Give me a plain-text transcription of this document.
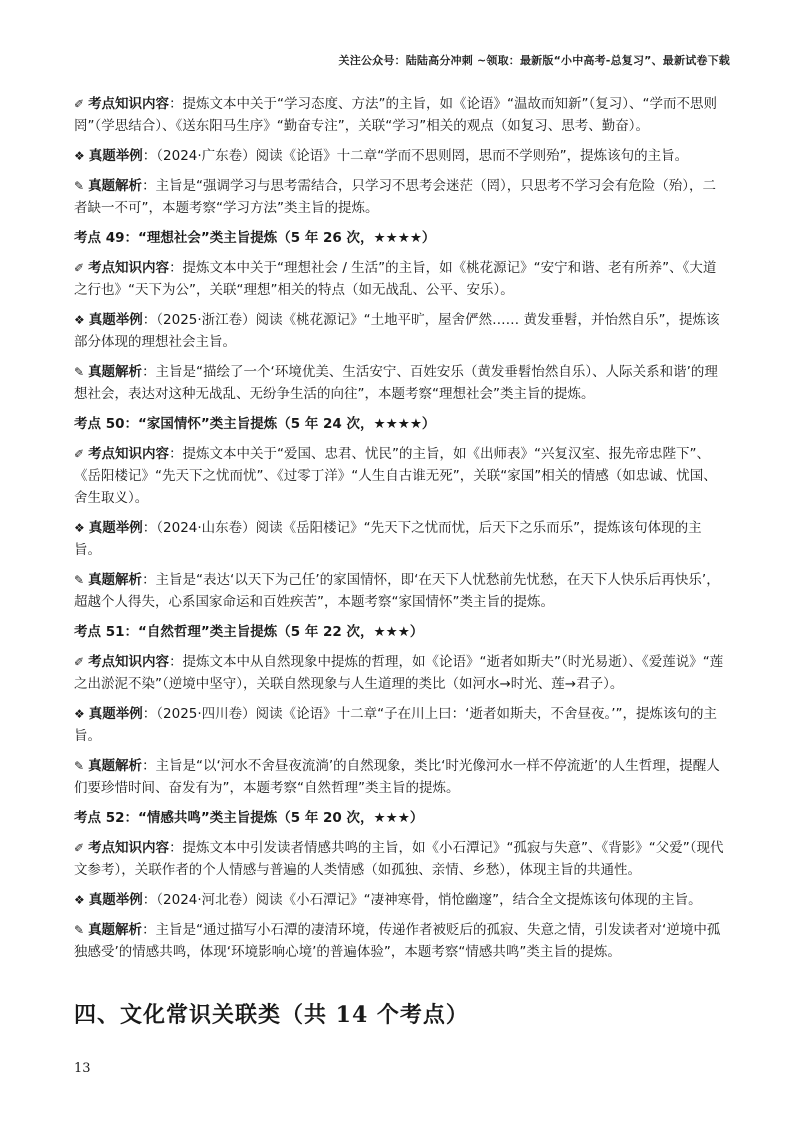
关注公众号：陆陆高分冲刺 ~领取：最新版“小中高考-总复习”、最新试卷下载

✐ 考点知识内容：提炼文本中关于“学习态度、方法”的主旨，如《论语》“温故而知新”（复习）、“学而不思则罔”（学思结合）、《送东阳马生序》“勤奋专注”，关联“学习”相关的观点（如复习、思考、勤奋）。

❖ 真题举例：（2024·广东卷）阅读《论语》十二章“学而不思则罔，思而不学则殆”，提炼该句的主旨。

✎ 真题解析：主旨是“强调学习与思考需结合，只学习不思考会迷茫（罔），只思考不学习会有危险（殆），二者缺一不可”，本题考察“学习方法”类主旨的提炼。

考点 49：“理想社会”类主旨提炼（5 年 26 次，★★★★）

✐ 考点知识内容：提炼文本中关于“理想社会 / 生活”的主旨，如《桃花源记》“安宁和谐、老有所养”、《大道之行也》“天下为公”，关联“理想”相关的特点（如无战乱、公平、安乐）。

❖ 真题举例：（2025·浙江卷）阅读《桃花源记》“土地平旷，屋舍俨然…… 黄发垂髫，并怡然自乐”，提炼该部分体现的理想社会主旨。

✎ 真题解析：主旨是“描绘了一个‘环境优美、生活安宁、百姓安乐（黄发垂髫怡然自乐）、人际关系和谐’的理想社会，表达对这种无战乱、无纷争生活的向往”，本题考察“理想社会”类主旨的提炼。

考点 50：“家国情怀”类主旨提炼（5 年 24 次，★★★★）

✐ 考点知识内容：提炼文本中关于“爱国、忠君、忧民”的主旨，如《出师表》“兴复汉室、报先帝忠陛下”、《岳阳楼记》“先天下之忧而忧”、《过零丁洋》“人生自古谁无死”，关联“家国”相关的情感（如忠诚、忧国、舍生取义）。

❖ 真题举例：（2024·山东卷）阅读《岳阳楼记》“先天下之忧而忧，后天下之乐而乐”，提炼该句体现的主旨。

✎ 真题解析：主旨是“表达‘以天下为己任’的家国情怀，即‘在天下人忧愁前先忧愁，在天下人快乐后再快乐’，超越个人得失，心系国家命运和百姓疾苦”，本题考察“家国情怀”类主旨的提炼。

考点 51：“自然哲理”类主旨提炼（5 年 22 次，★★★）

✐ 考点知识内容：提炼文本中从自然现象中提炼的哲理，如《论语》“逝者如斯夫”（时光易逝）、《爱莲说》“莲之出淤泥不染”（逆境中坚守），关联自然现象与人生道理的类比（如河水→时光、莲→君子）。

❖ 真题举例：（2025·四川卷）阅读《论语》十二章“子在川上曰：‘逝者如斯夫，不舍昼夜。’”，提炼该句的主旨。

✎ 真题解析：主旨是“以‘河水不舍昼夜流淌’的自然现象，类比‘时光像河水一样不停流逝’的人生哲理，提醒人们要珍惜时间、奋发有为”，本题考察“自然哲理”类主旨的提炼。

考点 52：“情感共鸣”类主旨提炼（5 年 20 次，★★★）

✐ 考点知识内容：提炼文本中引发读者情感共鸣的主旨，如《小石潭记》“孤寂与失意”、《背影》“父爱”（现代文参考），关联作者的个人情感与普遍的人类情感（如孤独、亲情、乡愁），体现主旨的共通性。

❖ 真题举例：（2024·河北卷）阅读《小石潭记》“凄神寒骨，悄怆幽邃”，结合全文提炼该句体现的主旨。

✎ 真题解析：主旨是“通过描写小石潭的凄清环境，传递作者被贬后的孤寂、失意之情，引发读者对‘逆境中孤独感受’的情感共鸣，体现‘环境影响心境’的普遍体验”，本题考察“情感共鸣”类主旨的提炼。

四、文化常识关联类（共 14 个考点）
13
